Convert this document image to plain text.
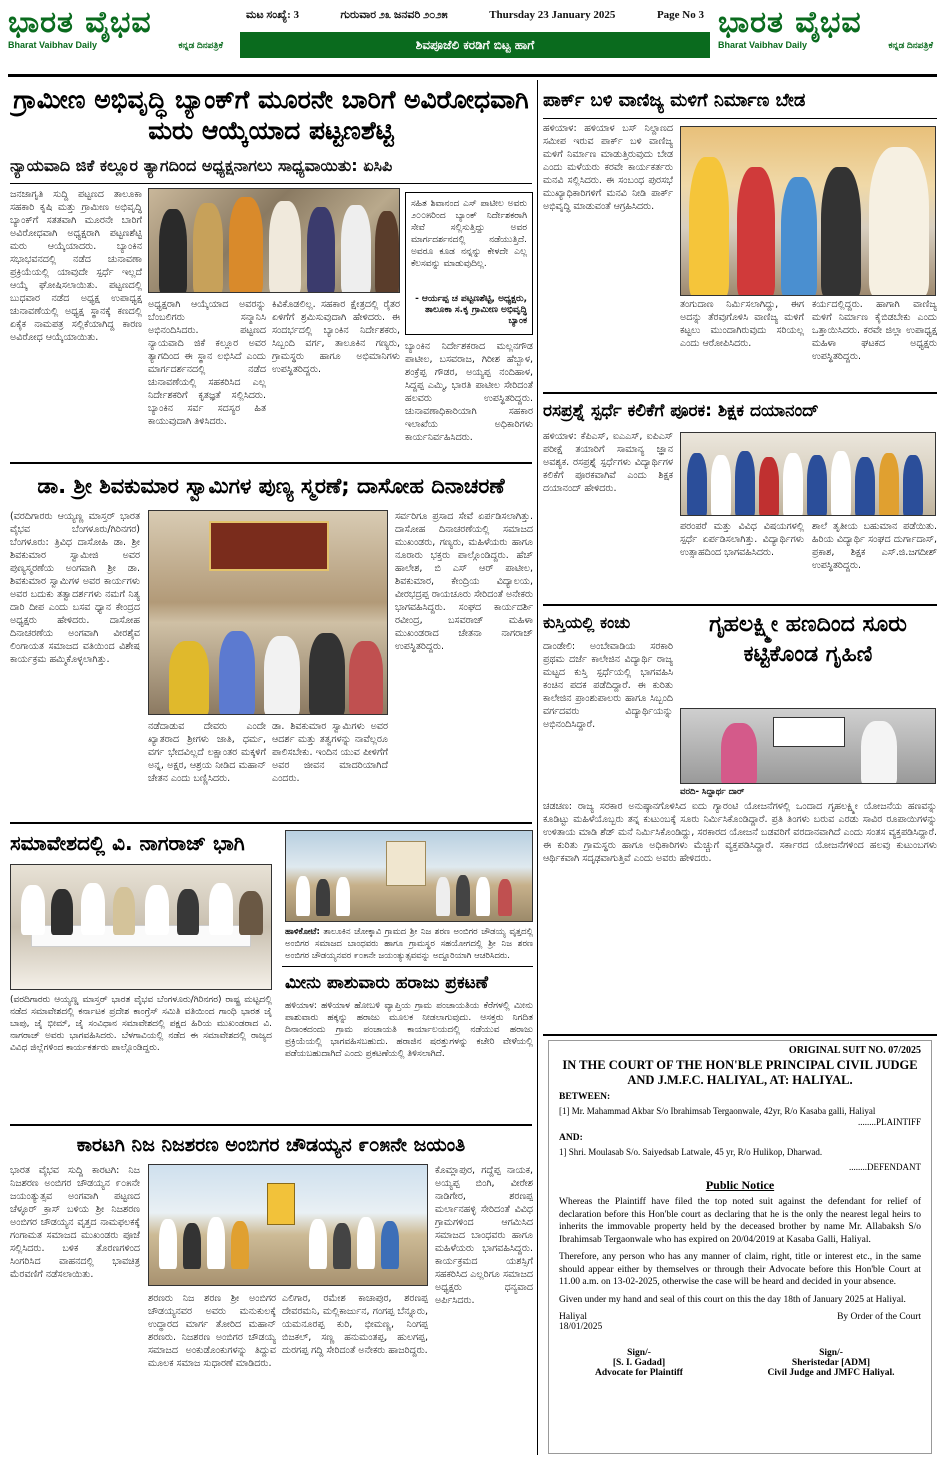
ಭಾರತ ವೈಭವ
Bharat Vaibhav Daily	ಕನ್ನಡ ದಿನಪತ್ರಿಕೆ
ಮಟ ಸಂಖ್ಯೆ: 3	ಗುರುವಾರ ೨೩ ಜನವರಿ ೨೦೨೫	Thursday 23 January 2025	Page No 3
ಶಿವಪೂಜೆಲಿ ಕರಡಿಗೆ ಬಿಟ್ಟ ಹಾಗೆ
ಭಾರತ ವೈಭವ
Bharat Vaibhav Daily	ಕನ್ನಡ ದಿನಪತ್ರಿಕೆ
ಗ್ರಾಮೀಣ ಅಭಿವೃದ್ಧಿ ಬ್ಯಾಂಕ್‌ಗೆ ಮೂರನೇ ಬಾರಿಗೆ ಅವಿರೋಧವಾಗಿ ಮರು ಆಯ್ಕೆಯಾದ ಪಟ್ಟಣಶೆಟ್ಟಿ
ನ್ಯಾಯವಾದಿ ಜಿಕೆ ಕಲ್ಲೂರ ತ್ಯಾಗದಿಂದ ಅಧ್ಯಕ್ಷನಾಗಲು ಸಾಧ್ಯವಾಯಿತು: ಏಸಿಪಿ
ಜನಜಾಗೃತಿ ಸುದ್ದಿ ಪಟ್ಟಣದ ತಾಲೂಕಾ ಸಹಕಾರಿ ಕೃಷಿ ಮತ್ತು ಗ್ರಾಮೀಣ ಅಭಿವೃದ್ಧಿ ಬ್ಯಾಂಕ್‌ಗೆ ಸತತವಾಗಿ ಮೂರನೇ ಬಾರಿಗೆ ಅವಿರೋಧವಾಗಿ ಅಧ್ಯಕ್ಷರಾಗಿ ಪಟ್ಟಣಶೆಟ್ಟಿ ಮರು ಆಯ್ಕೆಯಾದರು. ಬ್ಯಾಂಕಿನ ಸಭಾಭವನದಲ್ಲಿ ನಡೆದ ಚುನಾವಣಾ ಪ್ರಕ್ರಿಯೆಯಲ್ಲಿ ಯಾವುದೇ ಸ್ಪರ್ಧೆ ಇಲ್ಲದೆ ಆಯ್ಕೆ ಘೋಷಿಸಲಾಯಿತು. ಪಟ್ಟಣದಲ್ಲಿ ಬುಧವಾರ ನಡೆದ ಅಧ್ಯಕ್ಷ ಉಪಾಧ್ಯಕ್ಷ ಚುನಾವಣೆಯಲ್ಲಿ ಅಧ್ಯಕ್ಷ ಸ್ಥಾನಕ್ಕೆ ಕಣದಲ್ಲಿ ಏಕೈಕ ನಾಮಪತ್ರ ಸಲ್ಲಿಕೆಯಾಗಿದ್ದ ಕಾರಣ ಅವಿರೋಧ ಆಯ್ಕೆಯಾಯಿತು.
ಸಹಿತ ಶಿವಾನಂದ ಎಸ್ ಪಾಟೀಲ ಅವರು ೨೦೦೫ರಿಂದ ಬ್ಯಾಂಕ್ ನಿರ್ದೇಶಕರಾಗಿ ಸೇವೆ ಸಲ್ಲಿಸುತ್ತಿದ್ದು ಅವರ ಮಾರ್ಗದರ್ಶನದಲ್ಲಿ ನಡೆಯುತ್ತಿದೆ. ಅವರೂ ಕೂಡ ನನ್ನನ್ನು ಕೇಳದೇ ಎಲ್ಲ ಕೆಲಸವನ್ನು ಮಾಡುವುದಿಲ್ಲ.
- ಆರ್ಯಪ್ಪ ಚ ಪಟ್ಟಣಶೆಟ್ಟಿ, ಅಧ್ಯಕ್ಷರು, ತಾಲೂಕಾ ಸ.ಕೃ ಗ್ರಾಮೀಣ ಅಭಿವೃದ್ಧಿ ಬ್ಯಾಂಕ
ಅಧ್ಯಕ್ಷರಾಗಿ ಆಯ್ಕೆಯಾದ ಅವರನ್ನು ಬೆಂಬಲಿಗರು ಸನ್ಮಾನಿಸಿ ಅಭಿನಂದಿಸಿದರು. ಪಟ್ಟಣದ ನ್ಯಾಯವಾದಿ ಜಿಕೆ ಕಲ್ಲೂರ ಅವರ ತ್ಯಾಗದಿಂದ ಈ ಸ್ಥಾನ ಲಭಿಸಿದೆ ಎಂದು ಮಾರ್ಗದರ್ಶನದಲ್ಲಿ ನಡೆದ ಚುನಾವಣೆಯಲ್ಲಿ ಸಹಕರಿಸಿದ ಎಲ್ಲ ನಿರ್ದೇಶಕರಿಗೆ ಕೃತಜ್ಞತೆ ಸಲ್ಲಿಸಿದರು. ಬ್ಯಾಂಕಿನ ಸರ್ವ ಸದಸ್ಯರ ಹಿತ ಕಾಯುವುದಾಗಿ ತಿಳಿಸಿದರು.
ಕಿವಿಕೊಡಲಿಲ್ಲ. ಸಹಕಾರ ಕ್ಷೇತ್ರದಲ್ಲಿ ರೈತರ ಏಳಿಗೆಗೆ ಶ್ರಮಿಸುವುದಾಗಿ ಹೇಳಿದರು. ಈ ಸಂದರ್ಭದಲ್ಲಿ ಬ್ಯಾಂಕಿನ ನಿರ್ದೇಶಕರು, ಸಿಬ್ಬಂದಿ ವರ್ಗ, ತಾಲೂಕಿನ ಗಣ್ಯರು, ಗ್ರಾಮಸ್ಥರು ಹಾಗೂ ಅಭಿಮಾನಿಗಳು ಉಪಸ್ಥಿತರಿದ್ದರು.
ಬ್ಯಾಂಕಿನ ನಿರ್ದೇಶಕರಾದ ಮಲ್ಲನಗೌಡ ಪಾಟೀಲ, ಬಸವರಾಜ, ಗಿರೀಶ ಹೆಬ್ಬಾಳ, ಶಂಕ್ರೆಪ್ಪ ಗೌಡರ, ಅಯ್ಯಪ್ಪ ನಂದಿಹಾಳ, ಸಿದ್ದಪ್ಪ ಎಮ್ಮಿ, ಭಾರತಿ ಪಾಟೀಲ ಸೇರಿದಂತೆ ಹಲವರು ಉಪಸ್ಥಿತರಿದ್ದರು. ಚುನಾವಣಾಧಿಕಾರಿಯಾಗಿ ಸಹಕಾರ ಇಲಾಖೆಯ ಅಧಿಕಾರಿಗಳು ಕಾರ್ಯನಿರ್ವಹಿಸಿದರು.
ಡಾ. ಶ್ರೀ ಶಿವಕುಮಾರ ಸ್ವಾಮಿಗಳ ಪುಣ್ಯ ಸ್ಮರಣೆ; ದಾಸೋಹ ದಿನಾಚರಣೆ
(ವರದಿಗಾರರು ಆಯ್ಯಣ್ಣ ಮಾಸ್ತರ್ ಭಾರತ ವೈಭವ ಬೆಂಗಳೂರು/ಗಿರಿನಗರ) ಬೆಂಗಳೂರು: ತ್ರಿವಿಧ ದಾಸೋಹಿ ಡಾ. ಶ್ರೀ ಶಿವಕುಮಾರ ಸ್ವಾಮೀಜಿ ಅವರ ಪುಣ್ಯಸ್ಮರಣೆಯ ಅಂಗವಾಗಿ ಶ್ರೀ ಡಾ. ಶಿವಕುಮಾರ ಸ್ವಾಮಿಗಳ ಅವರ ಕಾರ್ಯಗಳು ಅವರ ಬದುಕು ತತ್ವಾದರ್ಶಗಳು ನಮಗೆ ನಿತ್ಯ ದಾರಿ ದೀಪ ಎಂದು ಬಸವ ಧ್ಯಾನ ಕೇಂದ್ರದ ಅಧ್ಯಕ್ಷರು ಹೇಳಿದರು. ದಾಸೋಹ ದಿನಾಚರಣೆಯ ಅಂಗವಾಗಿ ವೀರಶೈವ ಲಿಂಗಾಯತ ಸಮಾಜದ ವತಿಯಿಂದ ವಿಶೇಷ ಕಾರ್ಯಕ್ರಮ ಹಮ್ಮಿಕೊಳ್ಳಲಾಗಿತ್ತು.
ನಡೆದಾಡುವ ದೇವರು ಎಂದೇ ಖ್ಯಾತರಾದ ಶ್ರೀಗಳು ಜಾತಿ, ಧರ್ಮ, ವರ್ಗ ಭೇದವಿಲ್ಲದೆ ಲಕ್ಷಾಂತರ ಮಕ್ಕಳಿಗೆ ಅನ್ನ, ಅಕ್ಷರ, ಆಶ್ರಯ ನೀಡಿದ ಮಹಾನ್ ಚೇತನ ಎಂದು ಬಣ್ಣಿಸಿದರು.
ಡಾ. ಶಿವಕುಮಾರ ಸ್ವಾಮಿಗಳು ಅವರ ಆದರ್ಶ ಮತ್ತು ತತ್ವಗಳನ್ನು ನಾವೆಲ್ಲರೂ ಪಾಲಿಸಬೇಕು. ಇಂದಿನ ಯುವ ಪೀಳಿಗೆಗೆ ಅವರ ಜೀವನ ಮಾದರಿಯಾಗಿದೆ ಎಂದರು.
ಸರ್ವರಿಗೂ ಪ್ರಸಾದ ಸೇವೆ ಏರ್ಪಡಿಸಲಾಗಿತ್ತು. ದಾಸೋಹ ದಿನಾಚರಣೆಯಲ್ಲಿ ಸಮಾಜದ ಮುಖಂಡರು, ಗಣ್ಯರು, ಮಹಿಳೆಯರು ಹಾಗೂ ನೂರಾರು ಭಕ್ತರು ಪಾಲ್ಗೊಂಡಿದ್ದರು. ಹೆಚ್ ಹಾಲೇಶ, ಬಿ ಎಸ್ ಆರ್ ಪಾಟೀಲ, ಶಿವಕುಮಾರ, ಕೇಂದ್ರಿಯ ವಿದ್ಯಾಲಯ, ವೀರಭದ್ರಪ್ಪ ರಾಯಚೂರು ಸೇರಿದಂತೆ ಅನೇಕರು ಭಾಗವಹಿಸಿದ್ದರು. ಸಂಘದ ಕಾರ್ಯದರ್ಶಿ ರವೀಂದ್ರ, ಬಸವರಾಜ್ ಮಹಿಳಾ ಮುಖಂಡರಾದ ಚೇತನಾ ನಾಗರಾಜ್ ಉಪಸ್ಥಿತರಿದ್ದರು.
ಸಮಾವೇಶದಲ್ಲಿ ವಿ. ನಾಗರಾಜ್ ಭಾಗಿ
(ವರದಿಗಾರರು ಆಯ್ಯಣ್ಣ ಮಾಸ್ತರ್ ಭಾರತ ವೈಭವ ಬೆಂಗಳೂರು/ಗಿರಿನಗರ) ರಾಷ್ಟ್ರ ಮಟ್ಟದಲ್ಲಿ ನಡೆದ ಸಮಾವೇಶದಲ್ಲಿ ಕರ್ನಾಟಕ ಪ್ರದೇಶ ಕಾಂಗ್ರೆಸ್ ಸಮಿತಿ ವತಿಯಿಂದ ಗಾಂಧಿ ಭಾರತ ಜೈ ಬಾಪು, ಜೈ ಭೀಮ್, ಜೈ ಸಂವಿಧಾನ ಸಮಾವೇಶದಲ್ಲಿ ಪಕ್ಷದ ಹಿರಿಯ ಮುಖಂಡರಾದ ವಿ. ನಾಗರಾಜ್ ಅವರು ಭಾಗವಹಿಸಿದರು. ಬೆಳಗಾವಿಯಲ್ಲಿ ನಡೆದ ಈ ಸಮಾವೇಶದಲ್ಲಿ ರಾಜ್ಯದ ವಿವಿಧ ಜಿಲ್ಲೆಗಳಿಂದ ಕಾರ್ಯಕರ್ತರು ಪಾಲ್ಗೊಂಡಿದ್ದರು.
ಹಾಳಿಕೋಟೆ: ತಾಲೂಕಿನ ಚೋಕ್ಕಾವಿ ಗ್ರಾಮದ ಶ್ರೀ ನಿಜ ಶರಣ ಅಂಬಿಗರ ಚೌಡಯ್ಯ ವೃತ್ತದಲ್ಲಿ ಅಂಬಿಗರ ಸಮಾಜದ ಬಾಂಧವರು ಹಾಗೂ ಗ್ರಾಮಸ್ಥರ ಸಹಯೋಗದಲ್ಲಿ ಶ್ರೀ ನಿಜ ಶರಣ ಅಂಬಿಗರ ಚೌಡಯ್ಯನವರ ೯೦೫ನೇ ಜಯಂತ್ಯುತ್ಸವವನ್ನು ಅದ್ದೂರಿಯಾಗಿ ಆಚರಿಸಿದರು.
ಮೀನು ಪಾಶುವಾರು ಹರಾಜು ಪ್ರಕಟಣೆ
ಹಳಿಯಾಳ: ಹಳಿಯಾಳ ಹೋಬಳಿ ವ್ಯಾಪ್ತಿಯ ಗ್ರಾಮ ಪಂಚಾಯತಿಯ ಕೆರೆಗಳಲ್ಲಿ ಮೀನು ಪಾಶುವಾರು ಹಕ್ಕನ್ನು ಹರಾಜು ಮೂಲಕ ನೀಡಲಾಗುವುದು. ಆಸಕ್ತರು ನಿಗದಿತ ದಿನಾಂಕದಂದು ಗ್ರಾಮ ಪಂಚಾಯತಿ ಕಾರ್ಯಾಲಯದಲ್ಲಿ ನಡೆಯುವ ಹರಾಜು ಪ್ರಕ್ರಿಯೆಯಲ್ಲಿ ಭಾಗವಹಿಸಬಹುದು. ಹರಾಜಿನ ಷರತ್ತುಗಳನ್ನು ಕಚೇರಿ ವೇಳೆಯಲ್ಲಿ ಪಡೆಯಬಹುದಾಗಿದೆ ಎಂದು ಪ್ರಕಟಣೆಯಲ್ಲಿ ತಿಳಿಸಲಾಗಿದೆ.
ಕಾರಟಗಿ ನಿಜ ನಿಜಶರಣ ಅಂಬಿಗರ ಚೌಡಯ್ಯನ ೯೦೫ನೇ ಜಯಂತಿ
ಭಾರತ ವೈಭವ ಸುದ್ದಿ ಕಾರಟಗಿ: ನಿಜ ನಿಜಶರಣ ಅಂಬಿಗರ ಚೌಡಯ್ಯನ ೯೦೫ನೇ ಜಯಂತ್ಯುತ್ಸವ ಅಂಗವಾಗಿ ಪಟ್ಟಣದ ಚೆಳ್ಳೂರ್ ಕ್ರಾಸ್ ಬಳಿಯ ಶ್ರೀ ನಿಜಶರಣ ಅಂಬಿಗರ ಚೌಡಯ್ಯನ ವೃತ್ತದ ನಾಮಫಲಕಕ್ಕೆ ಗಂಗಾಮತ ಸಮಾಜದ ಮುಖಂಡರು ಪೂಜೆ ಸಲ್ಲಿಸಿದರು. ಬಳಿಕ ತೊರಣಗಳಿಂದ ಸಿಂಗರಿಸಿದ ವಾಹನದಲ್ಲಿ ಭಾವಚಿತ್ರ ಮೆರವಣಿಗೆ ನಡೆಸಲಾಯಿತು.
ಶರಣರು ನಿಜ ಶರಣ ಶ್ರೀ ಅಂಬಿಗರ ಚೌಡಯ್ಯನವರ ಅವರು ಮನುಕುಲಕ್ಕೆ ಉದ್ಧಾರದ ಮಾರ್ಗ ತೋರಿದ ಮಹಾನ್ ಶರಣರು. ನಿಜಶರಣ ಅಂಬಿಗರ ಚೌಡಯ್ಯ ಸಮಾಜದ ಅಂಕುಡೊಂಕುಗಳನ್ನು ತಿದ್ದುವ ಮೂಲಕ ಸಮಾಜ ಸುಧಾರಣೆ ಮಾಡಿದರು.
ಎಲಿಗಾರ, ರಮೇಶ ಕಾಚಾಪುರ, ಶರಣಪ್ಪ ದೇವರಮನಿ, ಮಲ್ಲಿಕಾರ್ಜುನ, ಗಂಗಪ್ಪ ಬೆನ್ನೂರು, ಯಮನೂರಪ್ಪ ಕುರಿ, ಭೀಮಣ್ಣ, ನಿಂಗಪ್ಪ ಬಿಜಕಲ್, ಸಣ್ಣ ಹನುಮಂತಪ್ಪ, ಹುಲಗಪ್ಪ, ದುರಗಪ್ಪ ಗದ್ದಿ ಸೇರಿದಂತೆ ಅನೇಕರು ಹಾಜರಿದ್ದರು.
ಕೊಮ್ಲಾಪುರ, ಗದ್ದೆಪ್ಪ ನಾಯಕ, ಅಯ್ಯಪ್ಪ ಬಿಂಗಿ, ವೀರೇಶ ನಾಡಿಗೇರ, ಶರಣಪ್ಪ ಮರ್ಲಾನಹಳ್ಳಿ ಸೇರಿದಂತೆ ವಿವಿಧ ಗ್ರಾಮಗಳಿಂದ ಆಗಮಿಸಿದ ಸಮಾಜದ ಬಾಂಧವರು ಹಾಗೂ ಮಹಿಳೆಯರು ಭಾಗವಹಿಸಿದ್ದರು. ಕಾರ್ಯಕ್ರಮದ ಯಶಸ್ಸಿಗೆ ಸಹಕರಿಸಿದ ಎಲ್ಲರಿಗೂ ಸಮಾಜದ ಅಧ್ಯಕ್ಷರು ಧನ್ಯವಾದ ಅರ್ಪಿಸಿದರು.
ಪಾರ್ಕ್ ಬಳಿ ವಾಣಿಜ್ಯ ಮಳಿಗೆ ನಿರ್ಮಾಣ ಬೇಡ
ಹಳಿಯಾಳ: ಹಳಿಯಾಳ ಬಸ್ ನಿಲ್ದಾಣದ ಸಮೀಪ ಇರುವ ಪಾರ್ಕ್ ಬಳಿ ವಾಣಿಜ್ಯ ಮಳಿಗೆ ನಿರ್ಮಾಣ ಮಾಡುತ್ತಿರುವುದು ಬೇಡ ಎಂದು ಮಳೆಯರು ಕರವೇ ಕಾರ್ಯಕರ್ತರು ಮನವಿ ಸಲ್ಲಿಸಿದರು. ಈ ಸಂಬಂಧ ಪುರಸಭೆ ಮುಖ್ಯಾಧಿಕಾರಿಗಳಿಗೆ ಮನವಿ ನೀಡಿ ಪಾರ್ಕ್ ಅಭಿವೃದ್ಧಿ ಮಾಡುವಂತೆ ಆಗ್ರಹಿಸಿದರು.
ತಂಗುದಾಣ ನಿರ್ಮಿಸಲಾಗಿದ್ದು, ಈಗ ಅದನ್ನು ತೆರವುಗೊಳಿಸಿ ವಾಣಿಜ್ಯ ಮಳಿಗೆ ಕಟ್ಟಲು ಮುಂದಾಗಿರುವುದು ಸರಿಯಲ್ಲ ಎಂದು ಆರೋಪಿಸಿದರು.
ಕರ್ಯದಲ್ಲಿದ್ದರು. ಹಾಗಾಗಿ ವಾಣಿಜ್ಯ ಮಳಿಗೆ ನಿರ್ಮಾಣ ಕೈಬಿಡಬೇಕು ಎಂದು ಒತ್ತಾಯಿಸಿದರು. ಕರವೇ ಜಿಲ್ಲಾ ಉಪಾಧ್ಯಕ್ಷ ಮಹಿಳಾ ಘಟಕದ ಅಧ್ಯಕ್ಷರು ಉಪಸ್ಥಿತರಿದ್ದರು.
ರಸಪ್ರಶ್ನೆ ಸ್ಪರ್ಧೆ ಕಲಿಕೆಗೆ ಪೂರಕ: ಶಿಕ್ಷಕ ದಯಾನಂದ್
ಹಳಿಯಾಳ: ಕೆಪಿಎಸ್, ಐಎಎಸ್, ಐಪಿಎಸ್ ಪರೀಕ್ಷೆ ತಯಾರಿಗೆ ಸಾಮಾನ್ಯ ಜ್ಞಾನ ಅವಶ್ಯಕ. ರಸಪ್ರಶ್ನೆ ಸ್ಪರ್ಧೆಗಳು ವಿದ್ಯಾರ್ಥಿಗಳ ಕಲಿಕೆಗೆ ಪೂರಕವಾಗಿವೆ ಎಂದು ಶಿಕ್ಷಕ ದಯಾನಂದ್ ಹೇಳಿದರು.
ಪರಂಪರೆ ಮತ್ತು ವಿವಿಧ ವಿಷಯಗಳಲ್ಲಿ ಸ್ಪರ್ಧೆ ಏರ್ಪಡಿಸಲಾಗಿತ್ತು. ವಿದ್ಯಾರ್ಥಿಗಳು ಉತ್ಸಾಹದಿಂದ ಭಾಗವಹಿಸಿದರು.
ಶಾಲೆ ತೃತೀಯ ಬಹುಮಾನ ಪಡೆಯಿತು. ಹಿರಿಯ ವಿದ್ಯಾರ್ಥಿ ಸಂಘದ ದುರ್ಗಾದಾಸ್, ಪ್ರಕಾಶ, ಶಿಕ್ಷಕ ಎಸ್.ಜಿ.ಜಗದೀಶ್ ಉಪಸ್ಥಿತರಿದ್ದರು.
ಕುಸ್ತಿಯಲ್ಲಿ ಕಂಚು
ದಾಂಡೇಲಿ: ಅಂಬೇವಾಡಿಯ ಸರಕಾರಿ ಪ್ರಥಮ ದರ್ಜೆ ಕಾಲೇಜಿನ ವಿದ್ಯಾರ್ಥಿ ರಾಜ್ಯ ಮಟ್ಟದ ಕುಸ್ತಿ ಸ್ಪರ್ಧೆಯಲ್ಲಿ ಭಾಗವಹಿಸಿ ಕಂಚಿನ ಪದಕ ಪಡೆದಿದ್ದಾರೆ. ಈ ಕುರಿತು ಕಾಲೇಜಿನ ಪ್ರಾಂಶುಪಾಲರು ಹಾಗೂ ಸಿಬ್ಬಂದಿ ವರ್ಗದವರು ವಿದ್ಯಾರ್ಥಿಯನ್ನು ಅಭಿನಂದಿಸಿದ್ದಾರೆ.
ಗೃಹಲಕ್ಷ್ಮೀ ಹಣದಿಂದ ಸೂರು ಕಟ್ಟಿಕೊಂಡ ಗೃಹಿಣಿ
ವರದಿ- ಸಿದ್ದಾರ್ಥ ದಾರ್
ಚಡಚಣ: ರಾಜ್ಯ ಸರಕಾರ ಅನುಷ್ಠಾನಗೊಳಿಸಿದ ಐದು ಗ್ಯಾರಂಟಿ ಯೋಜನೆಗಳಲ್ಲಿ ಒಂದಾದ ಗೃಹಲಕ್ಷ್ಮೀ ಯೋಜನೆಯ ಹಣವನ್ನು ಕೂಡಿಟ್ಟು ಮಹಿಳೆಯೊಬ್ಬರು ತನ್ನ ಕುಟುಂಬಕ್ಕೆ ಸೂರು ನಿರ್ಮಿಸಿಕೊಂಡಿದ್ದಾರೆ. ಪ್ರತಿ ತಿಂಗಳು ಬರುವ ಎರಡು ಸಾವಿರ ರೂಪಾಯಿಗಳನ್ನು ಉಳಿತಾಯ ಮಾಡಿ ಶೆಡ್ ಮನೆ ನಿರ್ಮಿಸಿಕೊಂಡಿದ್ದು, ಸರಕಾರದ ಯೋಜನೆ ಬಡವರಿಗೆ ವರದಾನವಾಗಿದೆ ಎಂದು ಸಂತಸ ವ್ಯಕ್ತಪಡಿಸಿದ್ದಾರೆ. ಈ ಕುರಿತು ಗ್ರಾಮಸ್ಥರು ಹಾಗೂ ಅಧಿಕಾರಿಗಳು ಮೆಚ್ಚುಗೆ ವ್ಯಕ್ತಪಡಿಸಿದ್ದಾರೆ. ಸರ್ಕಾರದ ಯೋಜನೆಗಳಿಂದ ಹಲವು ಕುಟುಂಬಗಳು ಆರ್ಥಿಕವಾಗಿ ಸದೃಢವಾಗುತ್ತಿವೆ ಎಂದು ಅವರು ಹೇಳಿದರು.
ORIGINAL SUIT NO. 07/2025
IN THE COURT OF THE HON'BLE PRINCIPAL CIVIL JUDGE AND J.M.F.C. HALIYAL, AT: HALIYAL.
BETWEEN:
[1] Mr. Mahammad Akbar S/o Ibrahimsab Tergaonwale, 42yr, R/o Kasaba galli, Haliyal
........PLAINTIFF
AND:
1] Shri. Moulasab S/o. Saiyedsab Latwale, 45 yr, R/o Hulikop, Dharwad.
........DEFENDANT
Public Notice
Whereas the Plaintiff have filed the top noted suit against the defendant for relief of declaration before this Hon'ble court as declaring that he is the only the nearest legal heirs to inherits the immovable property held by the deceased brother by name Mr. Allabaksh S/o Ibrahimsab Tergaonwale who has expired on 20/04/2019 at Kasaba Galli, Haliyal.
Therefore, any person who has any manner of claim, right, title or interest etc., in the same should appear either by themselves or through their Advocate before this Hon'ble Court at 11.00 a.m. on 13-02-2025, otherwise the case will be heard and decided in your absence.
Given under my hand and seal of this court on this the day 18th of January 2025 at Haliyal.
Haliyal
18/01/2025
By Order of the Court
Sign/-
[S. I. Gadad]
Advocate for Plaintiff
Sign/-
Sheristedar [ADM]
Civil Judge and JMFC Haliyal.
